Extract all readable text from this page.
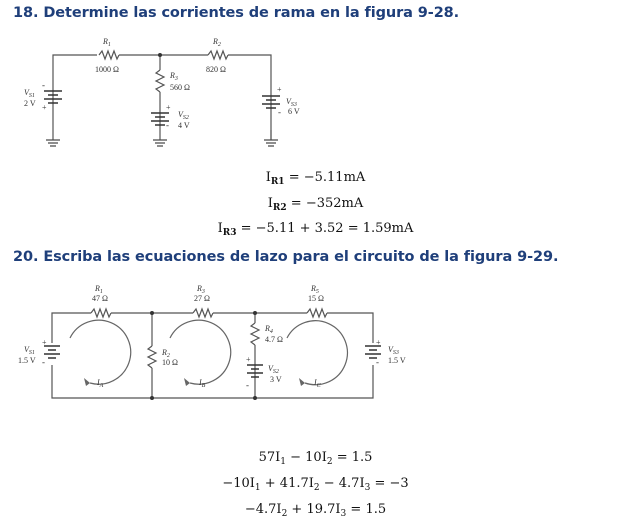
18. Determine las corrientes de rama en la figura 9-28.
$R_1$
1000 Ω
$R_2$
820 Ω
$R_3$
560 Ω
$V_{S1}$
2 V
-
+
$V_{S2}$
4 V
+
-
$V_{S3}$
6 V
+
-
$I_{R1} = -5.11mA$
$I_{R2} = -352mA$
$I_{R3} = -5.11 + 3.52 = 1.59mA$
20. Escriba las ecuaciones de lazo para el circuito de la figura 9-29.
$R_1$
47 Ω
$R_3$
27 Ω
$R_5$
15 Ω
$R_2$
10 Ω
$R_4$
4.7 Ω
$V_{S1}$
1.5 V
+
-
$V_{S2}$
3 V
+
-
$V_{S3}$
1.5 V
+
-
$I_A$	$I_B$	$I_C$
$57I_1 - 10I_2 = 1.5$
$-10I_1 + 41.7I_2 - 4.7I_3 = -3$
$-4.7I_2 + 19.7I_3 = 1.5$
